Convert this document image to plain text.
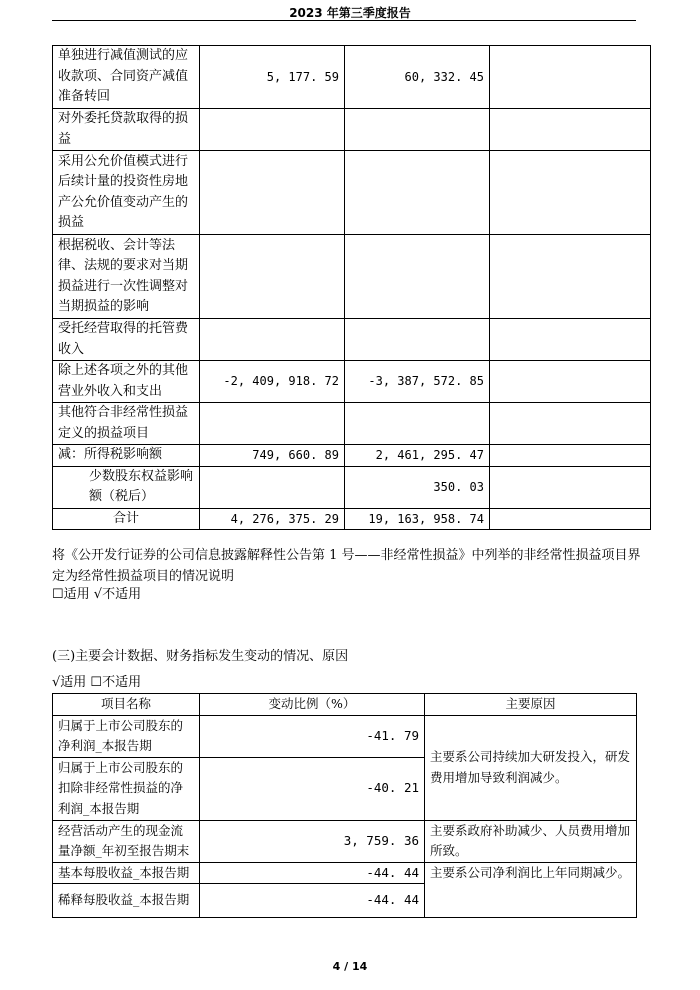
2023 年第三季度报告
单独进行减值测试的应收款项、合同资产减值准备转回	5, 177. 59	60, 332. 45	
对外委托贷款取得的损益			
采用公允价值模式进行后续计量的投资性房地产公允价值变动产生的损益			
根据税收、会计等法律、法规的要求对当期损益进行一次性调整对当期损益的影响			
受托经营取得的托管费收入			
除上述各项之外的其他营业外收入和支出	-2, 409, 918. 72	-3, 387, 572. 85	
其他符合非经常性损益定义的损益项目			
减：所得税影响额	749, 660. 89	2, 461, 295. 47	
少数股东权益影响额（税后）		350. 03	
合计	4, 276, 375. 29	19, 163, 958. 74	
将《公开发行证券的公司信息披露解释性公告第 1 号——非经常性损益》中列举的非经常性损益项目界定为经常性损益项目的情况说明
☐适用 √不适用
(三)主要会计数据、财务指标发生变动的情况、原因
√适用 ☐不适用
项目名称	变动比例（%）	主要原因
归属于上市公司股东的净利润_本报告期	-41. 79	主要系公司持续加大研发投入，研发费用增加导致利润减少。
归属于上市公司股东的扣除非经常性损益的净利润_本报告期	-40. 21	
经营活动产生的现金流量净额_年初至报告期末	3, 759. 36	主要系政府补助减少、人员费用增加所致。
基本每股收益_本报告期	-44. 44	主要系公司净利润比上年同期减少。
稀释每股收益_本报告期	-44. 44	
4 / 14
